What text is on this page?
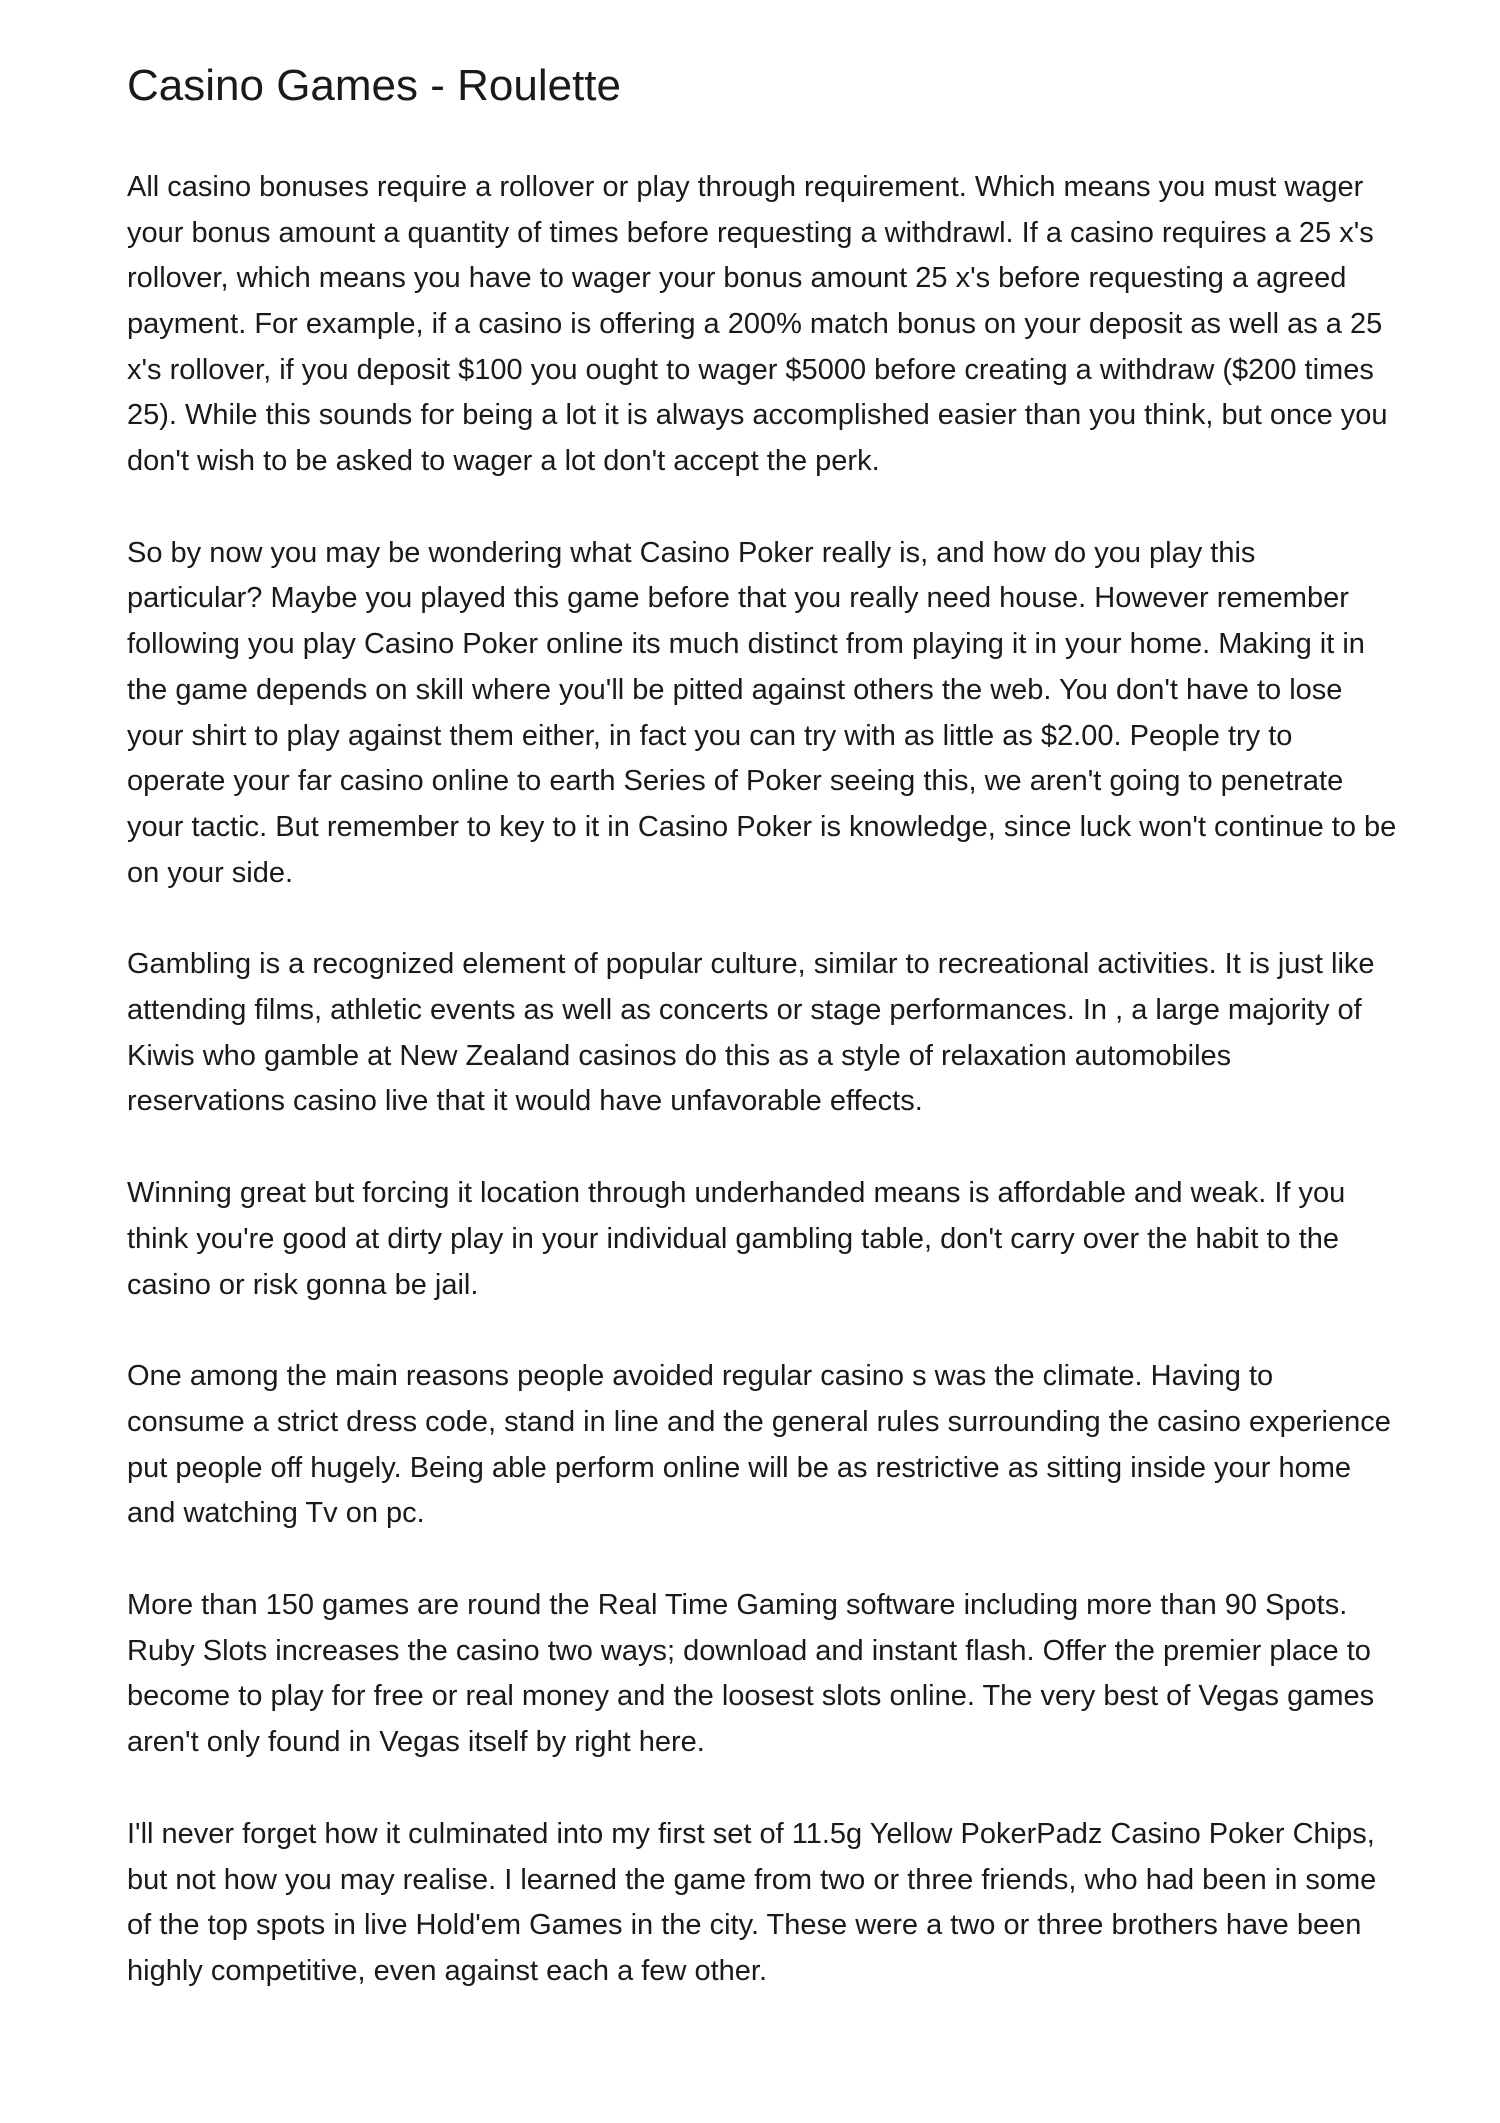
Casino Games - Roulette

All casino bonuses require a rollover or play through requirement. Which means you must wager your bonus amount a quantity of times before requesting a withdrawl. If a casino requires a 25 x's rollover, which means you have to wager your bonus amount 25 x's before requesting a agreed payment. For example, if a casino is offering a 200% match bonus on your deposit as well as a 25 x's rollover, if you deposit $100 you ought to wager $5000 before creating a withdraw ($200 times 25). While this sounds for being a lot it is always accomplished easier than you think, but once you don't wish to be asked to wager a lot don't accept the perk.

So by now you may be wondering what Casino Poker really is, and how do you play this particular? Maybe you played this game before that you really need house. However remember following you play Casino Poker online its much distinct from playing it in your home. Making it in the game depends on skill where you'll be pitted against others the web. You don't have to lose your shirt to play against them either, in fact you can try with as little as $2.00. People try to operate your far casino online to earth Series of Poker seeing this, we aren't going to penetrate your tactic. But remember to key to it in Casino Poker is knowledge, since luck won't continue to be on your side.

Gambling is a recognized element of popular culture, similar to recreational activities. It is just like attending films, athletic events as well as concerts or stage performances. In , a large majority of Kiwis who gamble at New Zealand casinos do this as a style of relaxation automobiles reservations casino live that it would have unfavorable effects.

Winning great but forcing it location through underhanded means is affordable and weak. If you think you're good at dirty play in your individual gambling table, don't carry over the habit to the casino or risk gonna be jail.

One among the main reasons people avoided regular casino s was the climate. Having to consume a strict dress code, stand in line and the general rules surrounding the casino experience put people off hugely. Being able perform online will be as restrictive as sitting inside your home and watching Tv on pc.

More than 150 games are round the Real Time Gaming software including more than 90 Spots. Ruby Slots increases the casino two ways; download and instant flash. Offer the premier place to become to play for free or real money and the loosest slots online. The very best of Vegas games aren't only found in Vegas itself by right here.

I'll never forget how it culminated into my first set of 11.5g Yellow PokerPadz Casino Poker Chips, but not how you may realise. I learned the game from two or three friends, who had been in some of the top spots in live Hold'em Games in the city. These were a two or three brothers have been highly competitive, even against each a few other.
